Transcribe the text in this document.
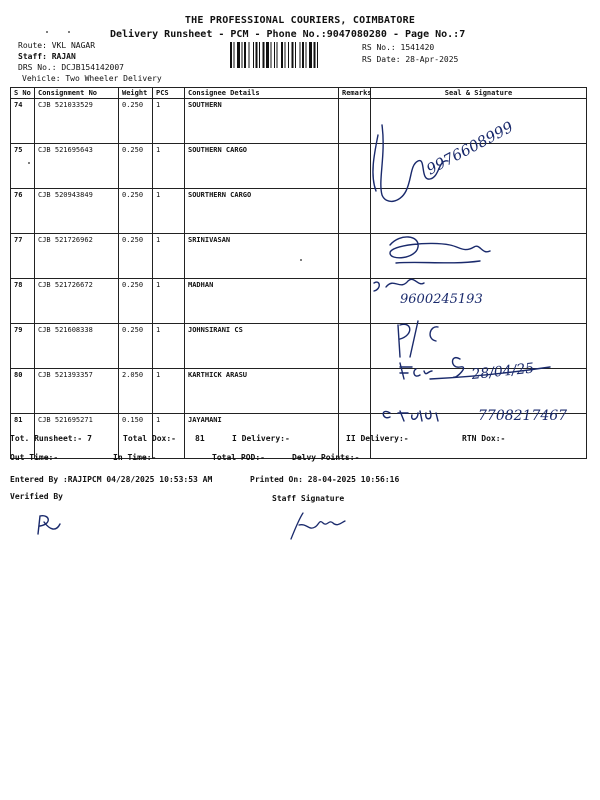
THE PROFESSIONAL COURIERS, COIMBATORE
Delivery Runsheet - PCM - Phone No.:9047080280 - Page No.:7
Route: VKL NAGAR
Staff: RAJAN
DRS No.: DCJB154142007
Vehicle: Two Wheeler Delivery
RS No.: 1541420
RS Date: 28-Apr-2025
S No	Consignment No	Weight	PCS	Consignee Details	Remarks	Seal & Signature
74	CJB 521033529	0.250	1	SOUTHERN		
75	CJB 521695643	0.250	1	SOUTHERN CARGO		
76	CJB 520943849	0.250	1	SOURTHERN CARGO		
77	CJB 521726962	0.250	1	SRINIVASAN		
78	CJB 521726672	0.250	1	MADHAN		
79	CJB 521608338	0.250	1	JOHNSIRANI CS		
80	CJB 521393357	2.050	1	KARTHICK ARASU		
81	CJB 521695271	0.150	1	JAYAMANI		
9976608999
9600245193
28/04/25
7708217467
Tot. Runsheet:- 7	Total Dox:- 81	I Delivery:-	II Delivery:-	RTN Dox:-
Out Time:-	In Time:-	Total POD:-	Delvy Points:-
Entered By :RAJIPCM 04/28/2025 10:53:53 AM	Printed On: 28-04-2025 10:56:16
Verified By	Staff Signature
